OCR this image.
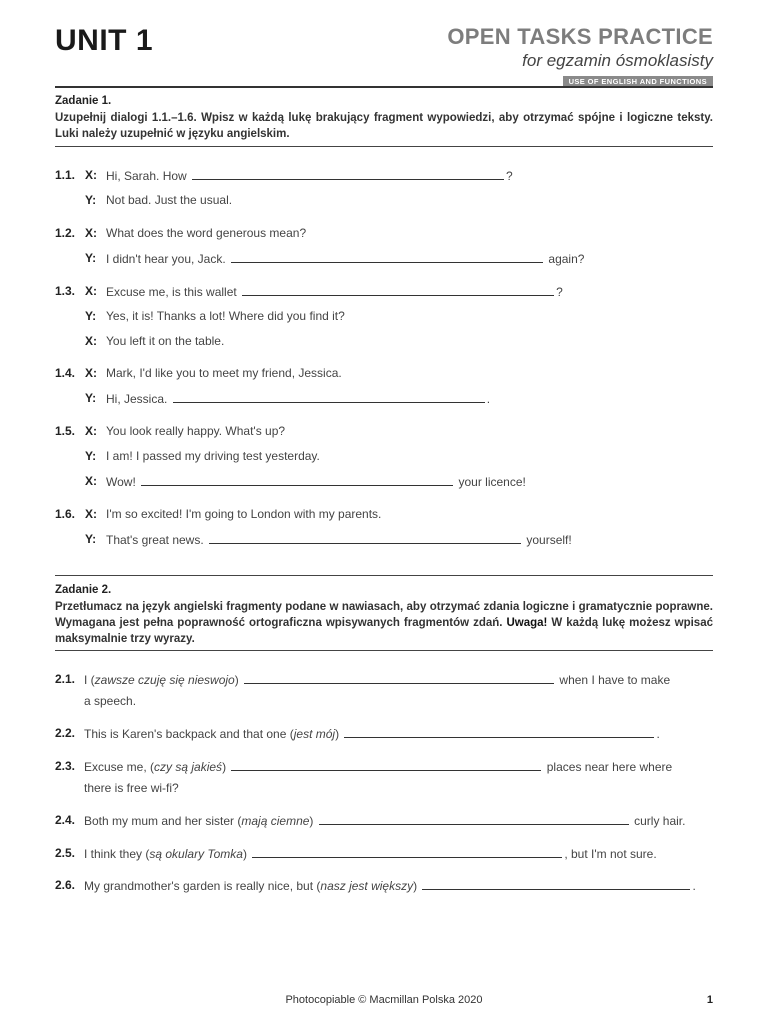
UNIT 1	OPEN TASKS PRACTICE
for egzamin ósmoklasisty
USE OF ENGLISH AND FUNCTIONS
Zadanie 1.
Uzupełnij dialogi 1.1.–1.6. Wpisz w każdą lukę brakujący fragment wypowiedzi, aby otrzymać spójne i logiczne teksty. Luki należy uzupełnić w języku angielskim.
1.1. X: Hi, Sarah. How	?
Y: Not bad. Just the usual.
1.2. X: What does the word generous mean?
Y: I didn't hear you, Jack.	again?
1.3. X: Excuse me, is this wallet	?
Y: Yes, it is! Thanks a lot! Where did you find it?
X: You left it on the table.
1.4. X: Mark, I'd like you to meet my friend, Jessica.
Y: Hi, Jessica.	.
1.5. X: You look really happy. What's up?
Y: I am! I passed my driving test yesterday.
X: Wow!	your licence!
1.6. X: I'm so excited! I'm going to London with my parents.
Y: That's great news.	yourself!
Zadanie 2.
Przetłumacz na język angielski fragmenty podane w nawiasach, aby otrzymać zdania logiczne i gramatycznie poprawne. Wymagana jest pełna poprawność ortograficzna wpisywanych fragmentów zdań. Uwaga! W każdą lukę możesz wpisać maksymalnie trzy wyrazy.
2.1. I (zawsze czuję się nieswojo)	when I have to make
a speech.
2.2. This is Karen's backpack and that one (jest mój)	.
2.3. Excuse me, (czy są jakieś)	places near here where
there is free wi-fi?
2.4. Both my mum and her sister (mają ciemne)	curly hair.
2.5. I think they (są okulary Tomka)	, but I'm not sure.
2.6. My grandmother's garden is really nice, but (nasz jest większy)	.
Photocopiable © Macmillan Polska 2020	1
